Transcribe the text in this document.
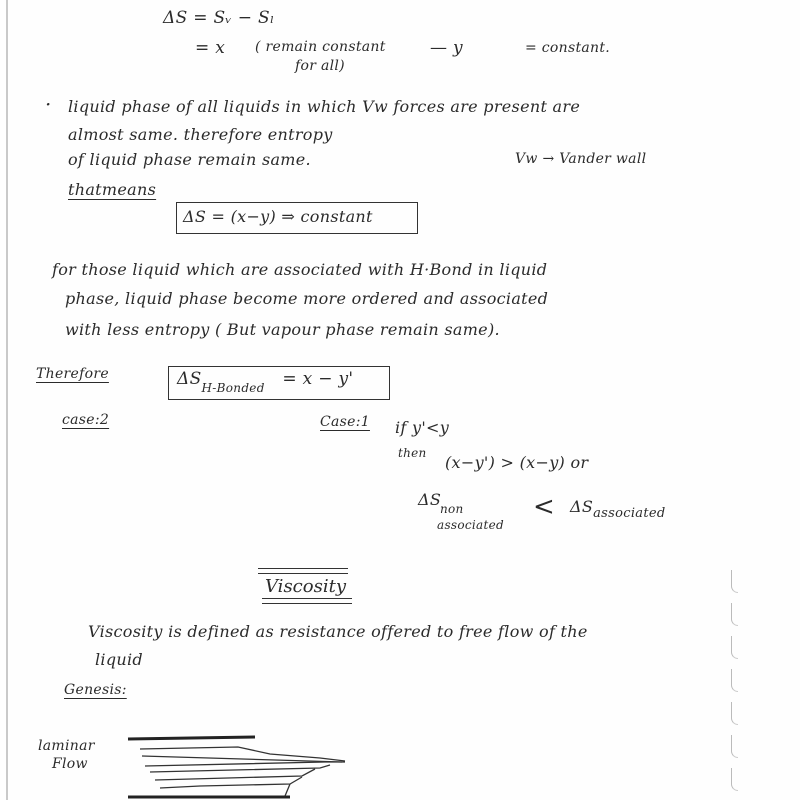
ΔS = Sᵥ − Sₗ
= x ( remain constant
for all)
— y	= constant.
· liquid phase of all liquids in which Vw forces are present are
almost same. therefore entropy
of liquid phase remain same.	Vw → Vander wall
thatmeans
ΔS = (x−y) ⇒ constant
for those liquid which are associated with H·Bond in liquid
phase, liquid phase become more ordered and associated
with less entropy ( But vapour phase remain same).
Therefore	$\Delta S_{H-Bonded} = x - y'$
case:2	Case:1 if y'<y
then (x−y') > (x−y) or
ΔS
non
associated
< $\Delta S_{associated}$
Viscosity
Viscosity is defined as resistance offered to free flow of the
liquid
Genesis:
laminar
Flow
